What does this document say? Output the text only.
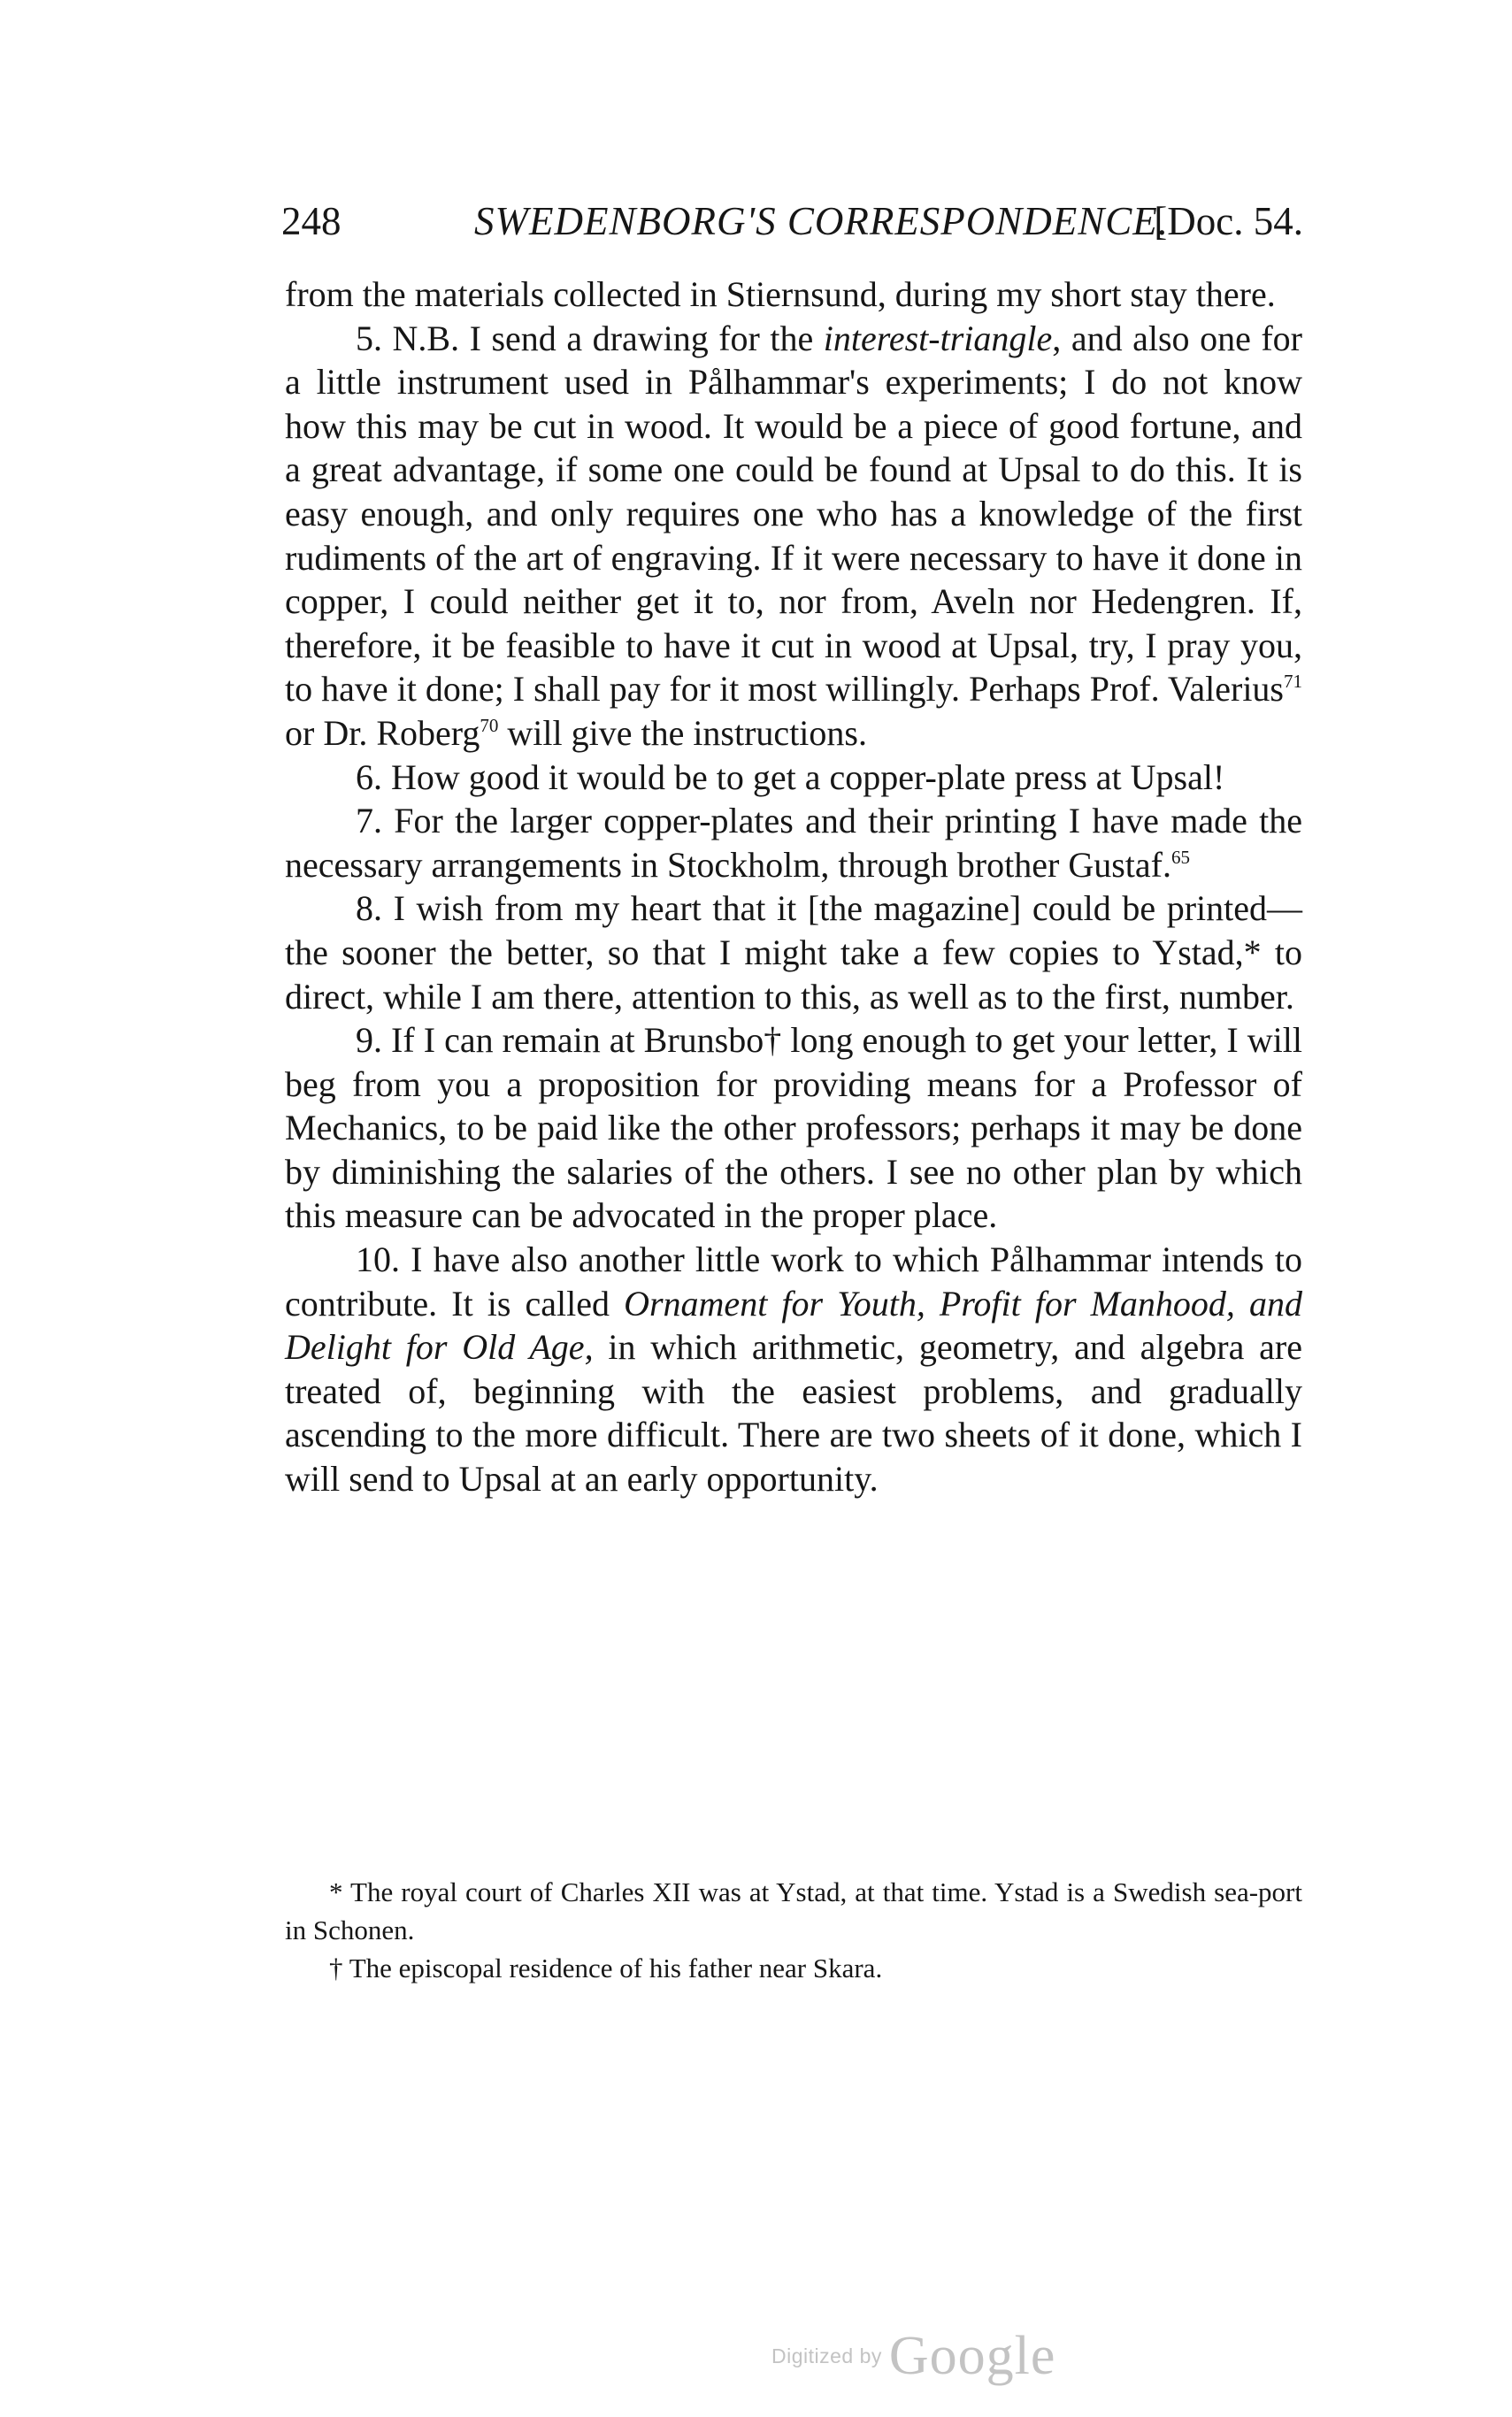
248	SWEDENBORG'S CORRESPONDENCE.
[Doc. 54.

from the materials collected in Stiernsund, during my short stay there.

5. N.B. I send a drawing for the interest-triangle, and also one for a little instrument used in Pålhammar's experiments; I do not know how this may be cut in wood. It would be a piece of good fortune, and a great advantage, if some one could be found at Upsal to do this. It is easy enough, and only requires one who has a knowledge of the first rudiments of the art of engraving. If it were necessary to have it done in copper, I could neither get it to, nor from, Aveln nor Hedengren. If, therefore, it be feasible to have it cut in wood at Upsal, try, I pray you, to have it done; I shall pay for it most willingly. Perhaps Prof. Valerius$^{71}$ or Dr. Roberg$^{70}$ will give the instructions.

6. How good it would be to get a copper-plate press at Upsal!

7. For the larger copper-plates and their printing I have made the necessary arrangements in Stockholm, through brother Gustaf.$^{65}$

8. I wish from my heart that it [the magazine] could be printed—the sooner the better, so that I might take a few copies to Ystad,* to direct, while I am there, attention to this, as well as to the first, number.

9. If I can remain at Brunsbo† long enough to get your letter, I will beg from you a proposition for providing means for a Professor of Mechanics, to be paid like the other professors; perhaps it may be done by diminishing the salaries of the others. I see no other plan by which this measure can be advocated in the proper place.

10. I have also another little work to which Pålhammar intends to contribute. It is called Ornament for Youth, Profit for Manhood, and Delight for Old Age, in which arithmetic, geometry, and algebra are treated of, beginning with the easiest problems, and gradually ascending to the more difficult. There are two sheets of it done, which I will send to Upsal at an early opportunity.

* The royal court of Charles XII was at Ystad, at that time. Ystad is a Swedish sea-port in Schonen.

† The episcopal residence of his father near Skara.

Digitized by Google
